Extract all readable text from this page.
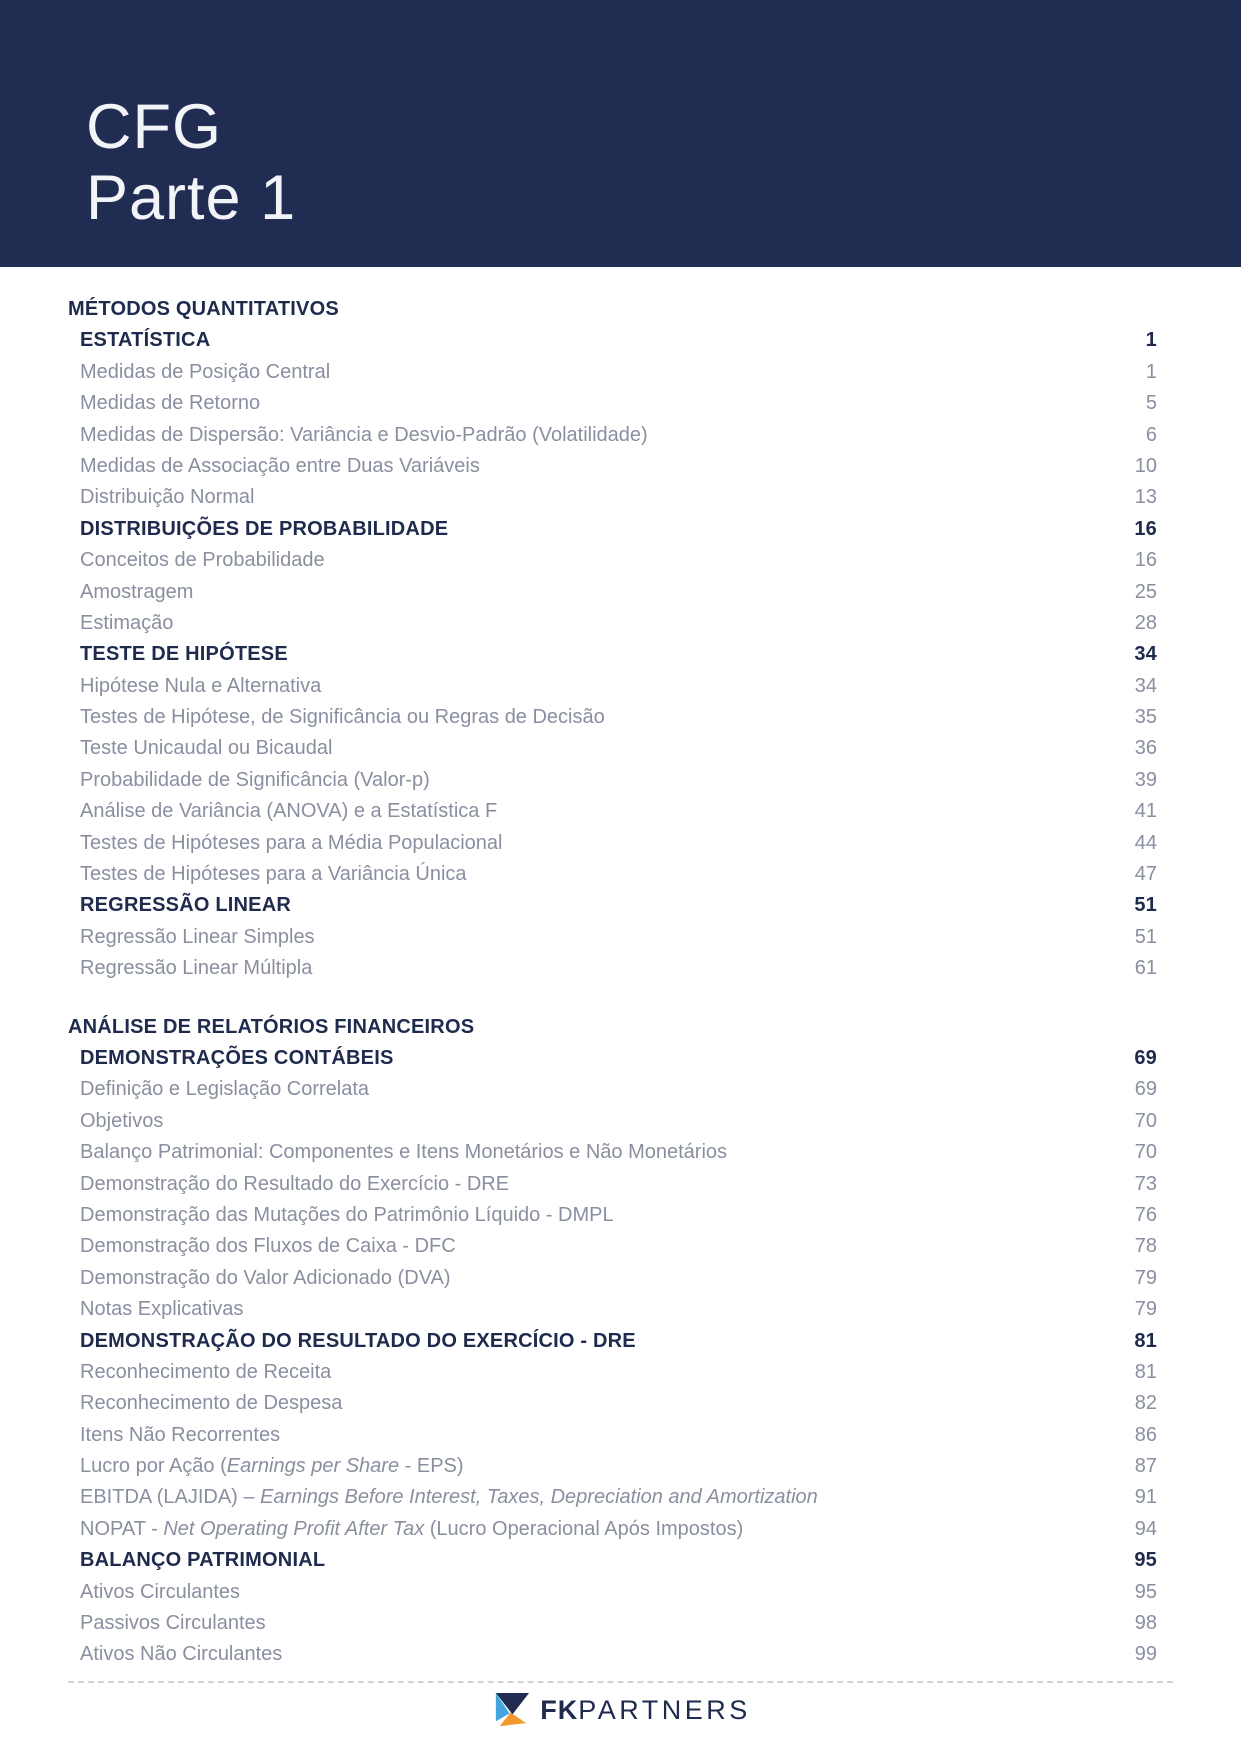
CFG
Parte 1
MÉTODOS QUANTITATIVOS
ESTATÍSTICA	1
Medidas de Posição Central	1
Medidas de Retorno	5
Medidas de Dispersão: Variância e Desvio-Padrão (Volatilidade)	6
Medidas de Associação entre Duas Variáveis	10
Distribuição Normal	13
DISTRIBUIÇÕES DE PROBABILIDADE	16
Conceitos de Probabilidade	16
Amostragem	25
Estimação	28
TESTE DE HIPÓTESE	34
Hipótese Nula e Alternativa	34
Testes de Hipótese, de Significância ou Regras de Decisão	35
Teste Unicaudal ou Bicaudal	36
Probabilidade de Significância (Valor-p)	39
Análise de Variância (ANOVA) e a Estatística F	41
Testes de Hipóteses para a Média Populacional	44
Testes de Hipóteses para a Variância Única	47
REGRESSÃO LINEAR	51
Regressão Linear Simples	51
Regressão Linear Múltipla	61
ANÁLISE DE RELATÓRIOS FINANCEIROS
DEMONSTRAÇÕES CONTÁBEIS	69
Definição e Legislação Correlata	69
Objetivos	70
Balanço Patrimonial: Componentes e Itens Monetários e Não Monetários	70
Demonstração do Resultado do Exercício - DRE	73
Demonstração das Mutações do Patrimônio Líquido - DMPL	76
Demonstração dos Fluxos de Caixa - DFC	78
Demonstração do Valor Adicionado (DVA)	79
Notas Explicativas	79
DEMONSTRAÇÃO DO RESULTADO DO EXERCÍCIO - DRE	81
Reconhecimento de Receita	81
Reconhecimento de Despesa	82
Itens Não Recorrentes	86
Lucro por Ação (Earnings per Share - EPS)	87
EBITDA (LAJIDA) – Earnings Before Interest, Taxes, Depreciation and Amortization	91
NOPAT - Net Operating Profit After Tax (Lucro Operacional Após Impostos)	94
BALANÇO PATRIMONIAL	95
Ativos Circulantes	95
Passivos Circulantes	98
Ativos Não Circulantes	99
FKPARTNERS
